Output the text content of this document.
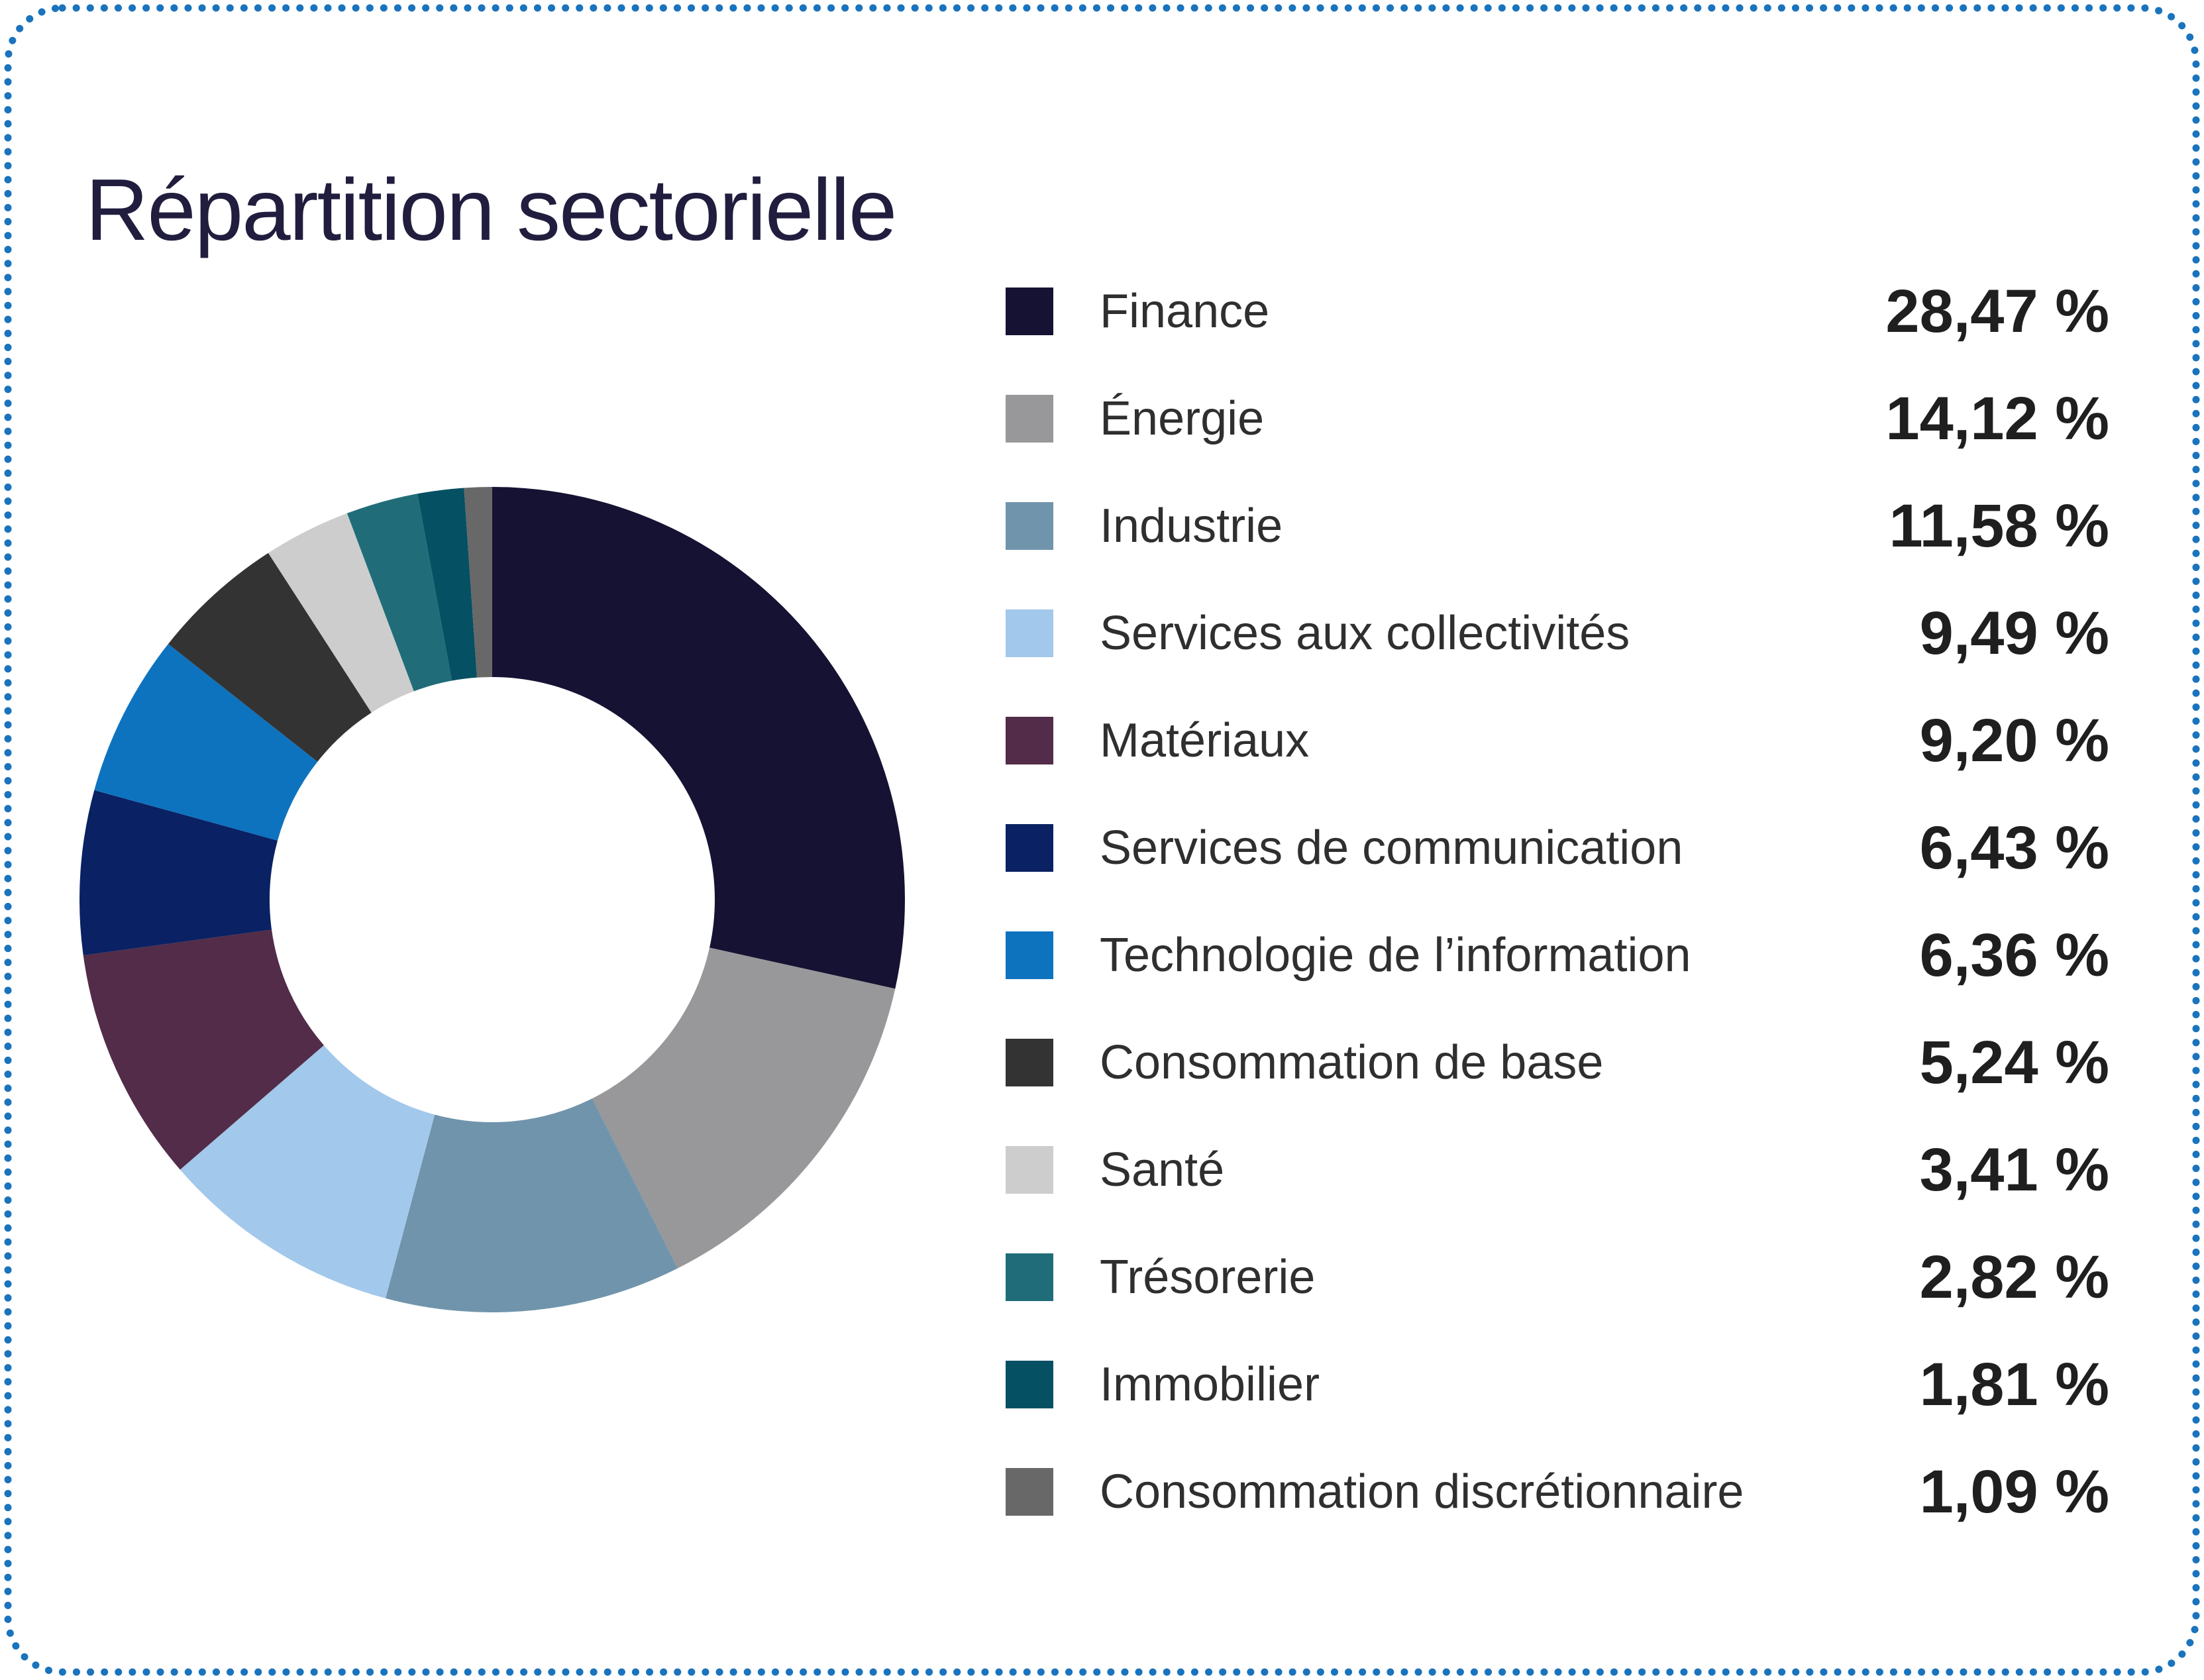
Répartition sectorielle
Finance	28,47 %
Énergie	14,12 %
Industrie	11,58 %
Services aux collectivités	9,49 %
Matériaux	9,20 %
Services de communication	6,43 %
Technologie de l’information	6,36 %
Consommation de base	5,24 %
Santé	3,41 %
Trésorerie	2,82 %
Immobilier	1,81 %
Consommation discrétionnaire	1,09 %
